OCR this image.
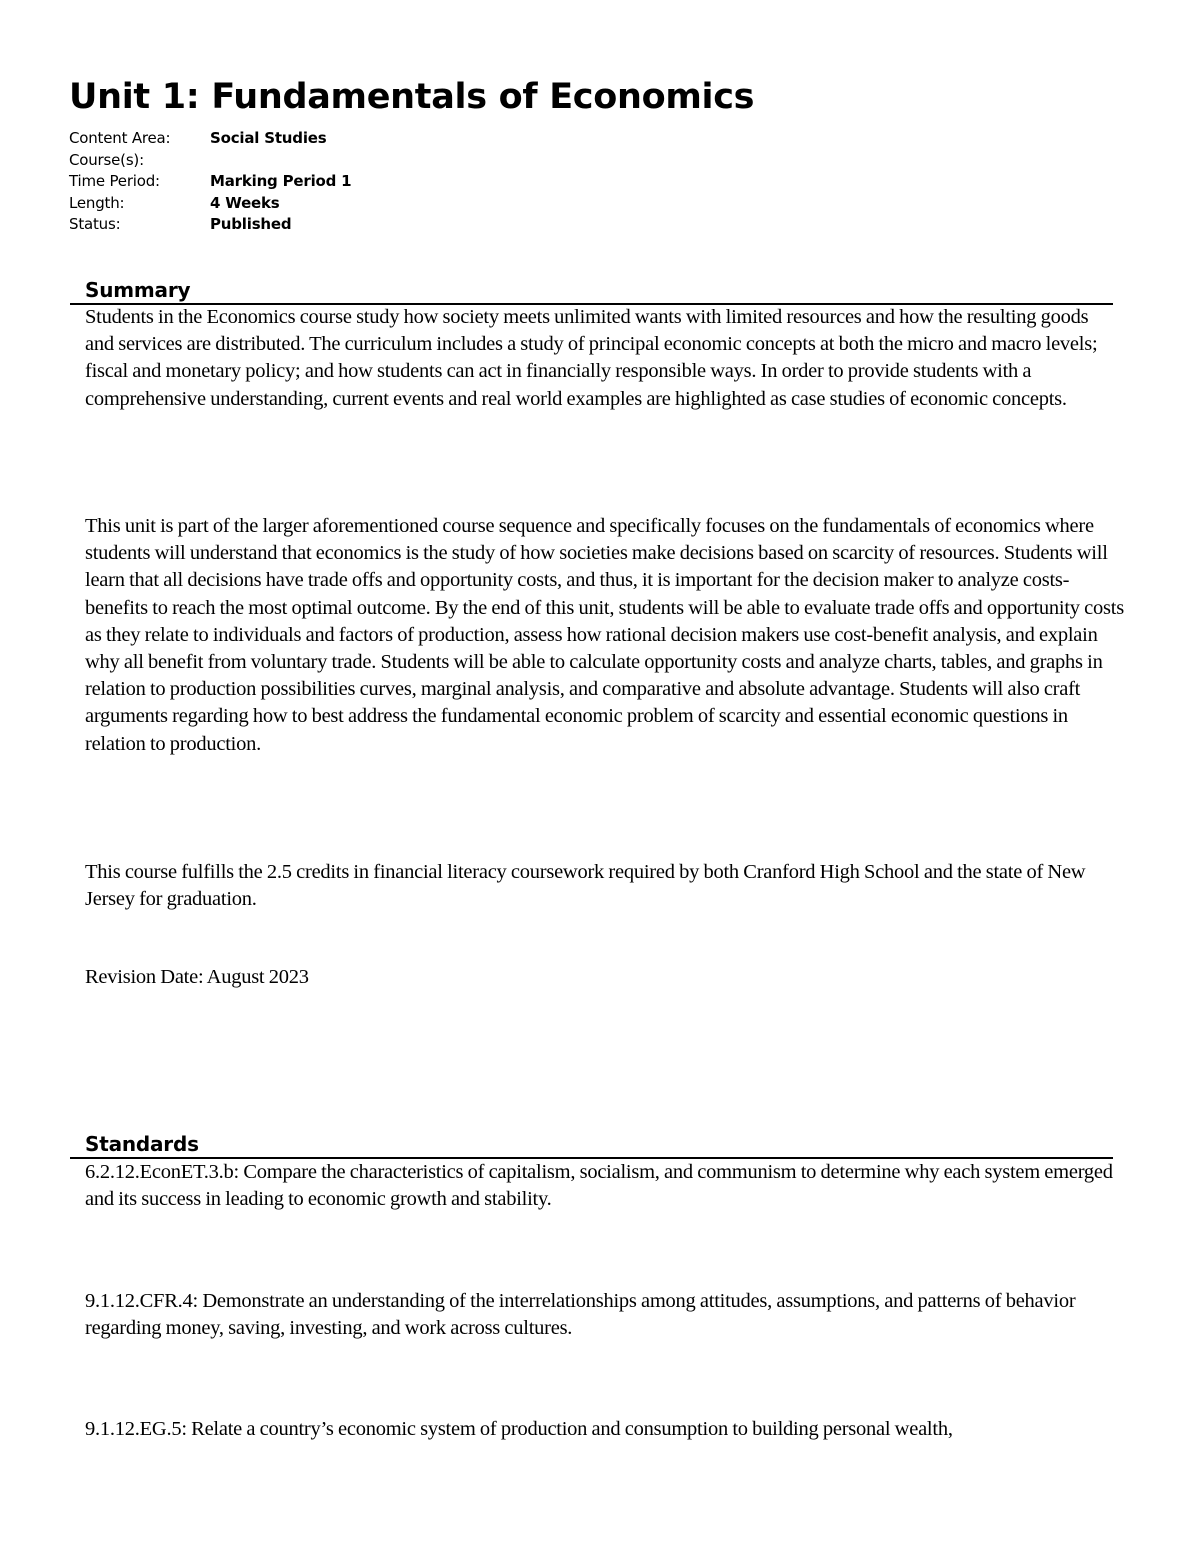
Unit 1: Fundamentals of Economics
Content Area:	Social Studies
Course(s):
Time Period:	Marking Period 1
Length:	4 Weeks
Status:	Published
Summary

Students in the Economics course study how society meets unlimited wants with limited resources and how the resulting goods and services are distributed. The curriculum includes a study of principal economic concepts at both the micro and macro levels; fiscal and monetary policy; and how students can act in financially responsible ways. In order to provide students with a comprehensive understanding, current events and real world examples are highlighted as case studies of economic concepts.

This unit is part of the larger aforementioned course sequence and specifically focuses on the fundamentals of economics where students will understand that economics is the study of how societies make decisions based on scarcity of resources. Students will learn that all decisions have trade offs and opportunity costs, and thus, it is important for the decision maker to analyze costs-benefits to reach the most optimal outcome. By the end of this unit, students will be able to evaluate trade offs and opportunity costs as they relate to individuals and factors of production, assess how rational decision makers use cost-benefit analysis, and explain why all benefit from voluntary trade. Students will be able to calculate opportunity costs and analyze charts, tables, and graphs in relation to production possibilities curves, marginal analysis, and comparative and absolute advantage. Students will also craft arguments regarding how to best address the fundamental economic problem of scarcity and essential economic questions in relation to production.

This course fulfills the 2.5 credits in financial literacy coursework required by both Cranford High School and the state of New Jersey for graduation.

Revision Date: August 2023

Standards

6.2.12.EconET.3.b: Compare the characteristics of capitalism, socialism, and communism to determine why each system emerged and its success in leading to economic growth and stability.

9.1.12.CFR.4: Demonstrate an understanding of the interrelationships among attitudes, assumptions, and patterns of behavior regarding money, saving, investing, and work across cultures.

9.1.12.EG.5: Relate a country’s economic system of production and consumption to building personal wealth,
